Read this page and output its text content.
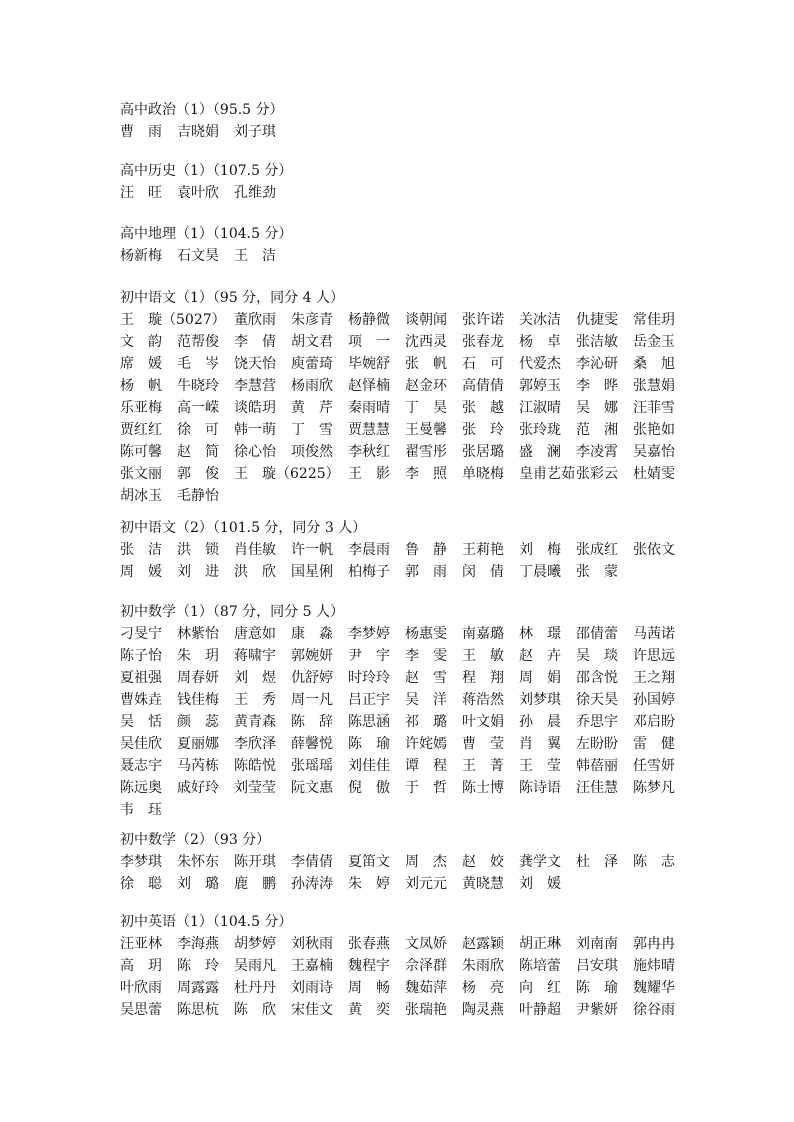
高中政治（1）（95.5 分）
曹　雨 吉晓娟 刘子琪
高中历史（1）（107.5 分）
汪　旺 袁叶欣 孔维劲
高中地理（1）（104.5 分）
杨新梅 石文昊 王　洁
初中语文（1）（95 分，同分 4 人）
王　璇（5027） 董欣雨 朱彦青 杨静微 谈朝闻 张许诺 关冰洁 仇捷雯 常佳玥
文　韵 范帮俊 李　倩 胡文君 项　一 沈西灵 张春龙 杨　卓 张洁敏 岳金玉
席　媛 毛　岑 饶天怡 庾蕾琦 毕婉舒 张　帆 石　可 代爱杰 李沁研 桑　旭
杨　帆 牛晓玲 李慧营 杨雨欣 赵怿楠 赵金环 高倩倩 郭婷玉 李　晔 张慧娟
乐亚梅 高一嵘 谈皓玥 黄　芹 秦雨晴 丁　昊 张　越 江淑晴 吴　娜 汪菲雪
贾红红 徐　可 韩一萌 丁　雪 贾慧慧 王曼馨 张　玲 张玲珑 范　湘 张艳如
陈可馨 赵　简 徐心怡 项俊然 李秋红 翟雪彤 张居璐 盛　澜 李凌霄 吴嘉怡
张文丽 郭　俊 王　璇（6225） 王　影 李　照 单晓梅 皇甫艺茹 张彩云 杜婧雯
胡冰玉 毛静怡
初中语文（2）（101.5 分，同分 3 人）
张　洁 洪　锁 肖佳敏 许一帆 李晨雨 鲁　静 王莉艳 刘　梅 张成红 张依文
周　媛 刘　进 洪　欣 国星俐 柏梅子 郭　雨 闵　倩 丁晨曦 张　蒙
初中数学（1）（87 分，同分 5 人）
刁旻宁 林紫怡 唐意如 康　淼 李梦婷 杨惠雯 南嘉璐 林　璟 邵倩蕾 马茜诺
陈子怡 朱　玥 蒋啸宇 郭婉妍 尹　宇 李　雯 王　敏 赵　卉 吴　琰 许思远
夏祖强 周春妍 刘　煜 仇舒婷 时玲玲 赵　雪 程　翔 周　娟 邵含悦 王之翔
曹姝垚 钱佳梅 王　秀 周一凡 吕正宇 吴　洋 蒋浩然 刘梦琪 徐天昊 孙国婷
吴　恬 颜　蕊 黄青森 陈　辞 陈思涵 祁　璐 叶文娟 孙　晨 乔思宇 邓启盼
吴佳欣 夏丽娜 李欣泽 薛馨悦 陈　瑜 许姹嫣 曹　莹 肖　翼 左盼盼 雷　健
聂志宇 马芮栋 陈皓悦 张瑶瑶 刘佳佳 谭　程 王　菁 王　莹 韩蓓丽 任雪妍
陈远奥 戚好玲 刘莹莹 阮文惠 倪　傲 于　哲 陈士博 陈诗语 汪佳慧 陈梦凡
韦　珏
初中数学（2）（93 分）
李梦琪 朱怀东 陈开琪 李倩倩 夏笛文 周　杰 赵　姣 龚学文 杜　泽 陈　志
徐　聪 刘　璐 鹿　鹏 孙涛涛 朱　婷 刘元元 黄晓慧 刘　媛
初中英语（1）（104.5 分）
汪亚林 李海燕 胡梦婷 刘秋雨 张春燕 文凤娇 赵露颖 胡正琳 刘南南 郭冉冉
高　玥 陈　玲 吴雨凡 王嘉楠 魏程宇 佘泽群 朱雨欣 陈培蕾 吕安琪 施炜晴
叶欣雨 周露露 杜丹丹 刘雨诗 周　畅 魏茹萍 杨　亮 向　红 陈　瑜 魏耀华
吴思蕾 陈思杭 陈　欣 宋佳文 黄　奕 张瑞艳 陶灵燕 叶静超 尹紫妍 徐谷雨
